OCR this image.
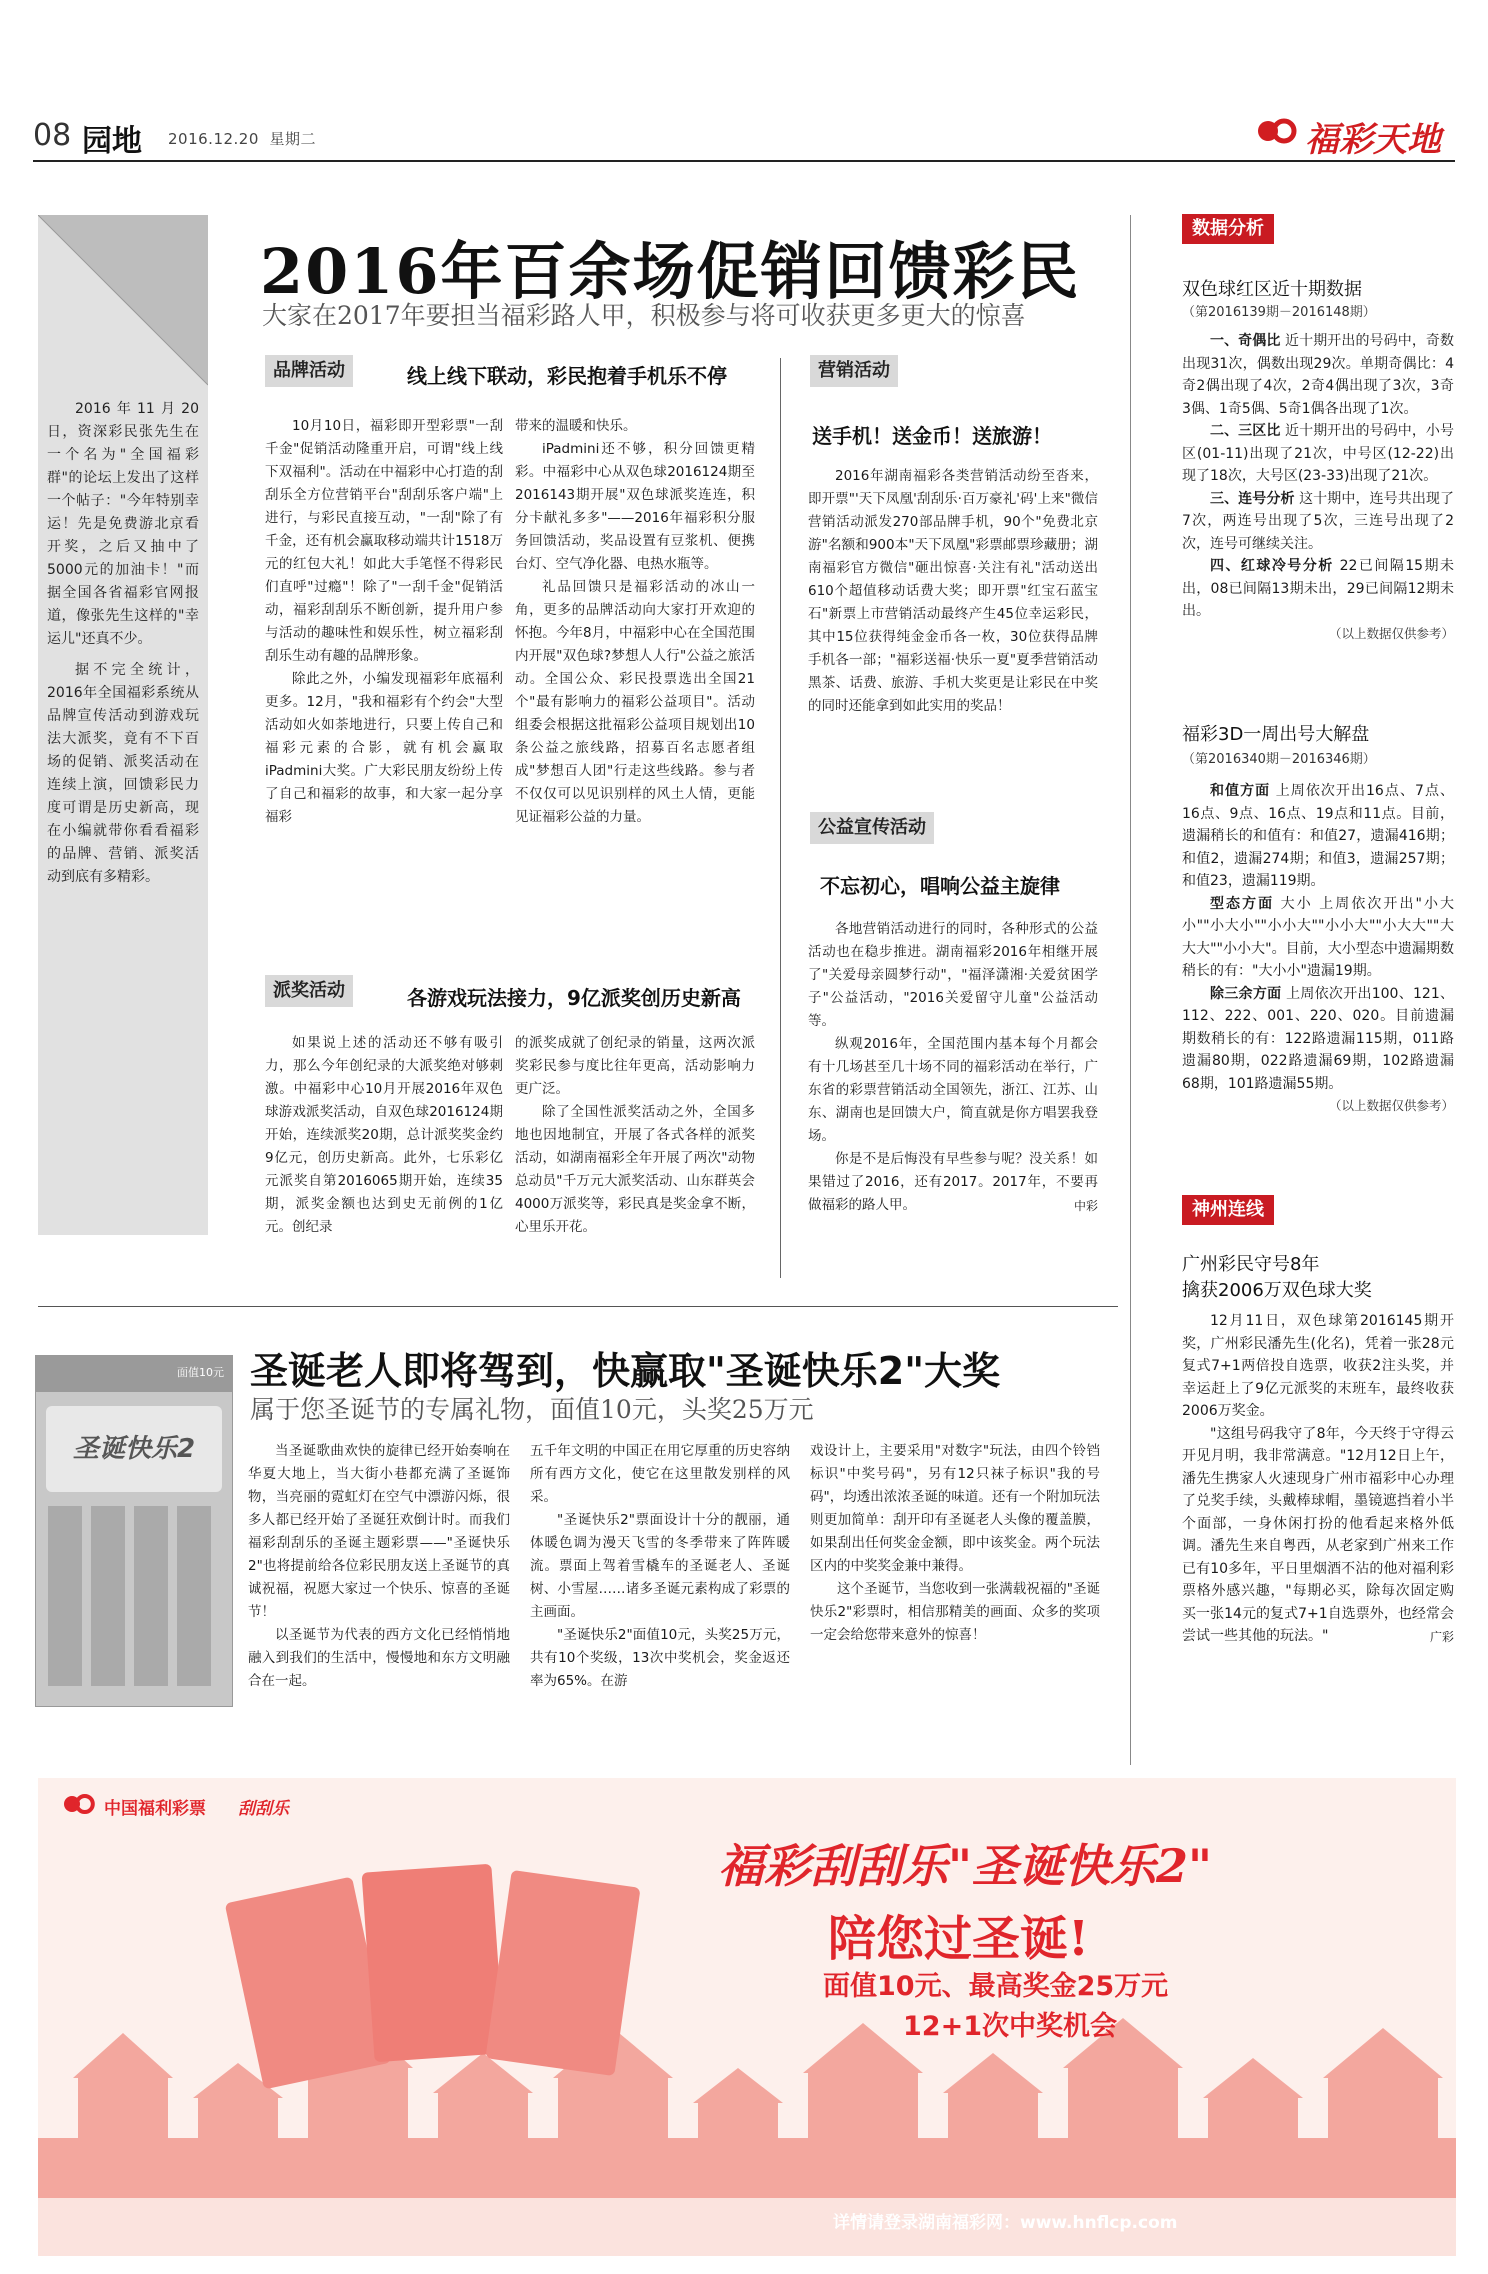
08 园地 2016.12.20 星期二	福彩天地

2016年11月20日，资深彩民张先生在一个名为"全国福彩群"的论坛上发出了这样一个帖子："今年特别幸运！先是免费游北京看开奖，之后又抽中了5000元的加油卡！"而据全国各省福彩官网报道，像张先生这样的"幸运儿"还真不少。

据不完全统计，2016年全国福彩系统从品牌宣传活动到游戏玩法大派奖，竟有不下百场的促销、派奖活动在连续上演，回馈彩民力度可谓是历史新高，现在小编就带你看看福彩的品牌、营销、派奖活动到底有多精彩。

2016年百余场促销回馈彩民
大家在2017年要担当福彩路人甲，积极参与将可收获更多更大的惊喜
品牌活动	线上线下联动，彩民抱着手机乐不停

10月10日，福彩即开型彩票"一刮千金"促销活动隆重开启，可谓"线上线下双福利"。活动在中福彩中心打造的刮刮乐全方位营销平台"刮刮乐客户端"上进行，与彩民直接互动，"一刮"除了有千金，还有机会赢取移动端共计1518万元的红包大礼！如此大手笔怪不得彩民们直呼"过瘾"！除了"一刮千金"促销活动，福彩刮刮乐不断创新，提升用户参与活动的趣味性和娱乐性，树立福彩刮刮乐生动有趣的品牌形象。

除此之外，小编发现福彩年底福利更多。12月，"我和福彩有个约会"大型活动如火如荼地进行，只要上传自己和福彩元素的合影，就有机会赢取iPadmini大奖。广大彩民朋友纷纷上传了自己和福彩的故事，和大家一起分享福彩

带来的温暖和快乐。

iPadmini还不够，积分回馈更精彩。中福彩中心从双色球2016124期至2016143期开展"双色球派奖连连，积分卡献礼多多"——2016年福彩积分服务回馈活动，奖品设置有豆浆机、便携台灯、空气净化器、电热水瓶等。

礼品回馈只是福彩活动的冰山一角，更多的品牌活动向大家打开欢迎的怀抱。今年8月，中福彩中心在全国范围内开展"双色球?梦想人人行"公益之旅活动。全国公众、彩民投票选出全国21个"最有影响力的福彩公益项目"。活动组委会根据这批福彩公益项目规划出10条公益之旅线路，招募百名志愿者组成"梦想百人团"行走这些线路。参与者不仅仅可以见识别样的风土人情，更能见证福彩公益的力量。

营销活动
送手机！送金币！送旅游！

2016年湖南福彩各类营销活动纷至沓来，即开票"'天下凤凰'刮刮乐·百万豪礼'码'上来"微信营销活动派发270部品牌手机，90个"免费北京游"名额和900本"天下凤凰"彩票邮票珍藏册；湖南福彩官方微信"砸出惊喜·关注有礼"活动送出610个超值移动话费大奖；即开票"红宝石蓝宝石"新票上市营销活动最终产生45位幸运彩民，其中15位获得纯金金币各一枚，30位获得品牌手机各一部；"福彩送福·快乐一夏"夏季营销活动黑茶、话费、旅游、手机大奖更是让彩民在中奖的同时还能拿到如此实用的奖品！

公益宣传活动
不忘初心，唱响公益主旋律

各地营销活动进行的同时，各种形式的公益活动也在稳步推进。湖南福彩2016年相继开展了"关爱母亲圆梦行动"，"福泽潇湘·关爱贫困学子"公益活动，"2016关爱留守儿童"公益活动等。

纵观2016年，全国范围内基本每个月都会有十几场甚至几十场不同的福彩活动在举行，广东省的彩票营销活动全国领先，浙江、江苏、山东、湖南也是回馈大户，简直就是你方唱罢我登场。

你是不是后悔没有早些参与呢？没关系！如果错过了2016，还有2017。2017年，不要再做福彩的路人甲。	中彩
派奖活动	各游戏玩法接力，9亿派奖创历史新高

如果说上述的活动还不够有吸引力，那么今年创纪录的大派奖绝对够刺激。中福彩中心10月开展2016年双色球游戏派奖活动，自双色球2016124期开始，连续派奖20期，总计派奖奖金约9亿元，创历史新高。此外，七乐彩亿元派奖自第2016065期开始，连续35期，派奖金额也达到史无前例的1亿元。创纪录

的派奖成就了创纪录的销量，这两次派奖彩民参与度比往年更高，活动影响力更广泛。

除了全国性派奖活动之外，全国多地也因地制宜，开展了各式各样的派奖活动，如湖南福彩全年开展了两次"动物总动员"千万元大派奖活动、山东群英会4000万派奖等，彩民真是奖金拿不断，心里乐开花。

圣诞快乐2
面值10元 圣诞老人即将驾到，快赢取"圣诞快乐2"大奖
属于您圣诞节的专属礼物，面值10元，头奖25万元

当圣诞歌曲欢快的旋律已经开始奏响在华夏大地上，当大街小巷都充满了圣诞饰物，当亮丽的霓虹灯在空气中漂游闪烁，很多人都已经开始了圣诞狂欢倒计时。而我们福彩刮刮乐的圣诞主题彩票——"圣诞快乐2"也将提前给各位彩民朋友送上圣诞节的真诚祝福，祝愿大家过一个快乐、惊喜的圣诞节！

以圣诞节为代表的西方文化已经悄悄地融入到我们的生活中，慢慢地和东方文明融合在一起。

五千年文明的中国正在用它厚重的历史容纳所有西方文化，使它在这里散发别样的风采。

"圣诞快乐2"票面设计十分的靓丽，通体暖色调为漫天飞雪的冬季带来了阵阵暖流。票面上驾着雪橇车的圣诞老人、圣诞树、小雪屋……诸多圣诞元素构成了彩票的主画面。

"圣诞快乐2"面值10元，头奖25万元，共有10个奖级，13次中奖机会，奖金返还率为65%。在游

戏设计上，主要采用"对数字"玩法，由四个铃铛标识"中奖号码"，另有12只袜子标识"我的号码"，均透出浓浓圣诞的味道。还有一个附加玩法则更加简单：刮开印有圣诞老人头像的覆盖膜，如果刮出任何奖金金额，即中该奖金。两个玩法区内的中奖奖金兼中兼得。

这个圣诞节，当您收到一张满载祝福的"圣诞快乐2"彩票时，相信那精美的画面、众多的奖项一定会给您带来意外的惊喜！

数据分析
双色球红区近十期数据
（第2016139期－2016148期）

一、奇偶比 近十期开出的号码中，奇数出现31次，偶数出现29次。单期奇偶比：4奇2偶出现了4次，2奇4偶出现了3次，3奇3偶、1奇5偶、5奇1偶各出现了1次。

二、三区比 近十期开出的号码中，小号区(01-11)出现了21次，中号区(12-22)出现了18次，大号区(23-33)出现了21次。

三、连号分析 这十期中，连号共出现了7次，两连号出现了5次，三连号出现了2次，连号可继续关注。

四、红球冷号分析 22已间隔15期未出，08已间隔13期未出，29已间隔12期未出。

（以上数据仅供参考）
福彩3D一周出号大解盘
（第2016340期－2016346期）

和值方面 上周依次开出16点、7点、16点、9点、16点、19点和11点。目前，遗漏稍长的和值有：和值27，遗漏416期；和值2，遗漏274期；和值3，遗漏257期；和值23，遗漏119期。

型态方面 大小 上周依次开出"小大小""小大小""小小大""小小大""小大大""大大大""小小大"。目前，大小型态中遗漏期数稍长的有："大小小"遗漏19期。

除三余方面 上周依次开出100、121、112、222、001、220、020。目前遗漏期数稍长的有：122路遗漏115期，011路遗漏80期，022路遗漏69期，102路遗漏68期，101路遗漏55期。

（以上数据仅供参考）
神州连线
广州彩民守号8年
擒获2006万双色球大奖

12月11日，双色球第2016145期开奖，广州彩民潘先生(化名)，凭着一张28元复式7+1两倍投自选票，收获2注头奖，并幸运赶上了9亿元派奖的末班车，最终收获2006万奖金。

"这组号码我守了8年，今天终于守得云开见月明，我非常满意。"12月12日上午，潘先生携家人火速现身广州市福彩中心办理了兑奖手续，头戴棒球帽，墨镜遮挡着小半个面部，一身休闲打扮的他看起来格外低调。潘先生来自粤西，从老家到广州来工作已有10多年，平日里烟酒不沾的他对福利彩票格外感兴趣，"每期必买，除每次固定购买一张14元的复式7+1自选票外，也经常会尝试一些其他的玩法。"	广彩
中国福利彩票 刮刮乐
福彩刮刮乐"圣诞快乐2"
陪您过圣诞!
面值10元、最高奖金25万元
12+1次中奖机会
详情请登录湖南福彩网：www.hnflcp.com
